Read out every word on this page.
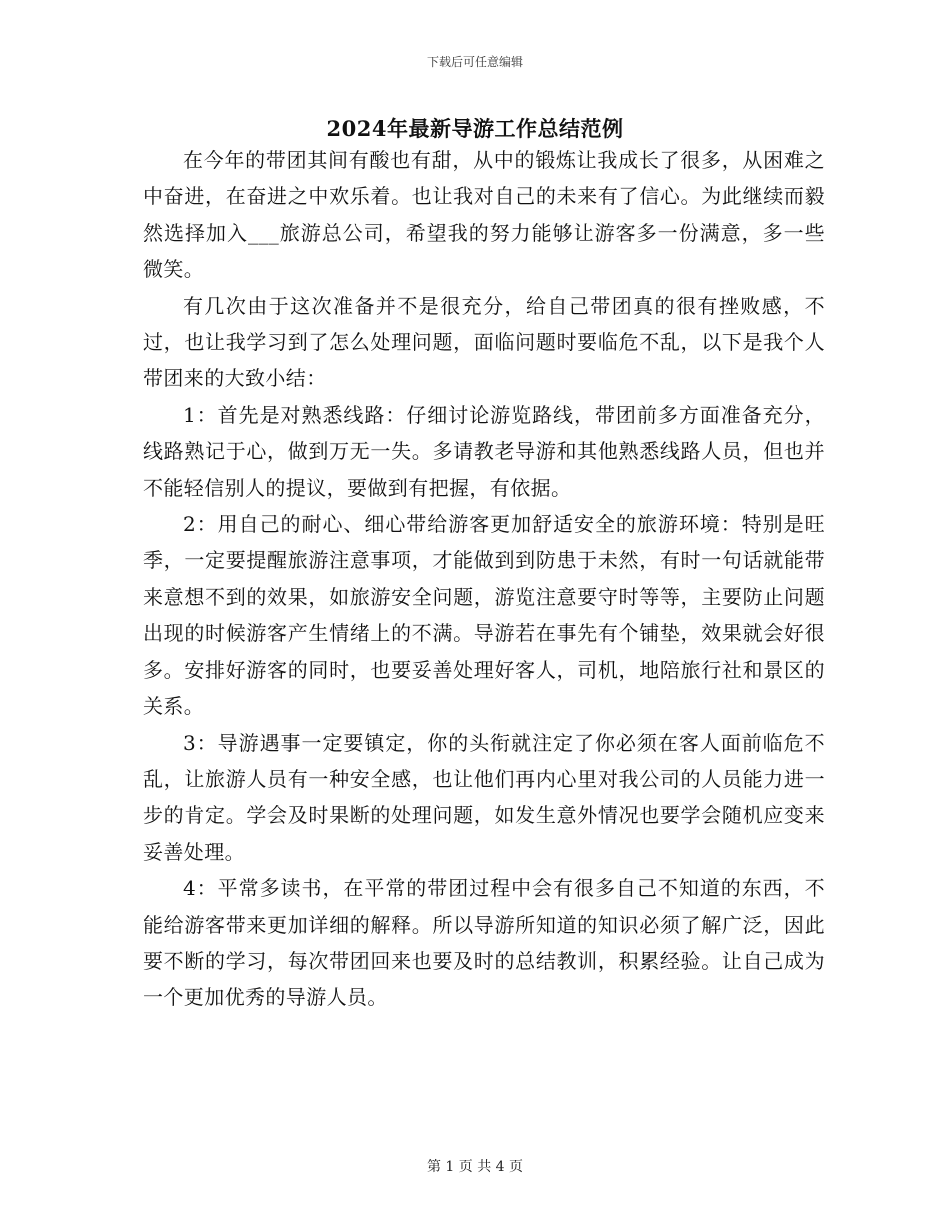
下载后可任意编辑
2024年最新导游工作总结范例

在今年的带团其间有酸也有甜，从中的锻炼让我成长了很多，从困难之中奋进，在奋进之中欢乐着。也让我对自己的未来有了信心。为此继续而毅然选择加入___旅游总公司，希望我的努力能够让游客多一份满意，多一些微笑。

有几次由于这次准备并不是很充分，给自己带团真的很有挫败感，不过，也让我学习到了怎么处理问题，面临问题时要临危不乱，以下是我个人带团来的大致小结：

1：首先是对熟悉线路：仔细讨论游览路线，带团前多方面准备充分，线路熟记于心，做到万无一失。多请教老导游和其他熟悉线路人员，但也并不能轻信别人的提议，要做到有把握，有依据。

2：用自己的耐心、细心带给游客更加舒适安全的旅游环境：特别是旺季，一定要提醒旅游注意事项，才能做到到防患于未然，有时一句话就能带来意想不到的效果，如旅游安全问题，游览注意要守时等等，主要防止问题出现的时候游客产生情绪上的不满。导游若在事先有个铺垫，效果就会好很多。安排好游客的同时，也要妥善处理好客人，司机，地陪旅行社和景区的关系。

3：导游遇事一定要镇定，你的头衔就注定了你必须在客人面前临危不乱，让旅游人员有一种安全感，也让他们再内心里对我公司的人员能力进一步的肯定。学会及时果断的处理问题，如发生意外情况也要学会随机应变来妥善处理。

4：平常多读书，在平常的带团过程中会有很多自己不知道的东西，不能给游客带来更加详细的解释。所以导游所知道的知识必须了解广泛，因此要不断的学习，每次带团回来也要及时的总结教训，积累经验。让自己成为一个更加优秀的导游人员。

第 1 页 共 4 页
